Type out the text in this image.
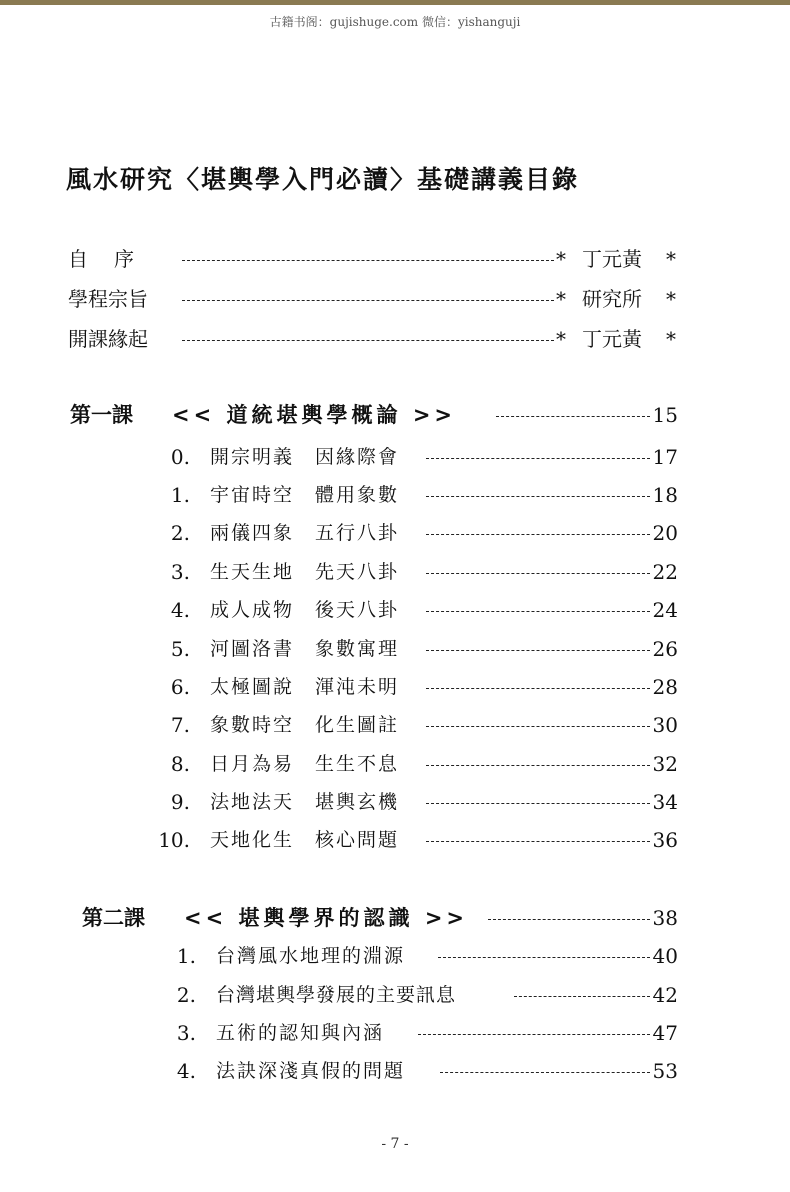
古籍书阁：gujishuge.com 微信：yishanguji
風水研究〈堪輿學入門必讀〉基礎講義目錄
自　序	* 丁元黃 *
學程宗旨	* 研究所 *
開課緣起	* 丁元黃 *
第一課 << 道統堪輿學概論 >>	15
0. 開宗明義　因緣際會	17
1. 宇宙時空　體用象數	18
2. 兩儀四象　五行八卦	20
3. 生天生地　先天八卦	22
4. 成人成物　後天八卦	24
5. 河圖洛書　象數寓理	26
6. 太極圖說　渾沌未明	28
7. 象數時空　化生圖註	30
8. 日月為易　生生不息	32
9. 法地法天　堪輿玄機	34
10. 天地化生　核心問題	36
第二課 << 堪輿學界的認識 >>	38
1. 台灣風水地理的淵源	40
2. 台灣堪輿學發展的主要訊息	42
3. 五術的認知與內涵	47
4. 法訣深淺真假的問題	53
- 7 -
